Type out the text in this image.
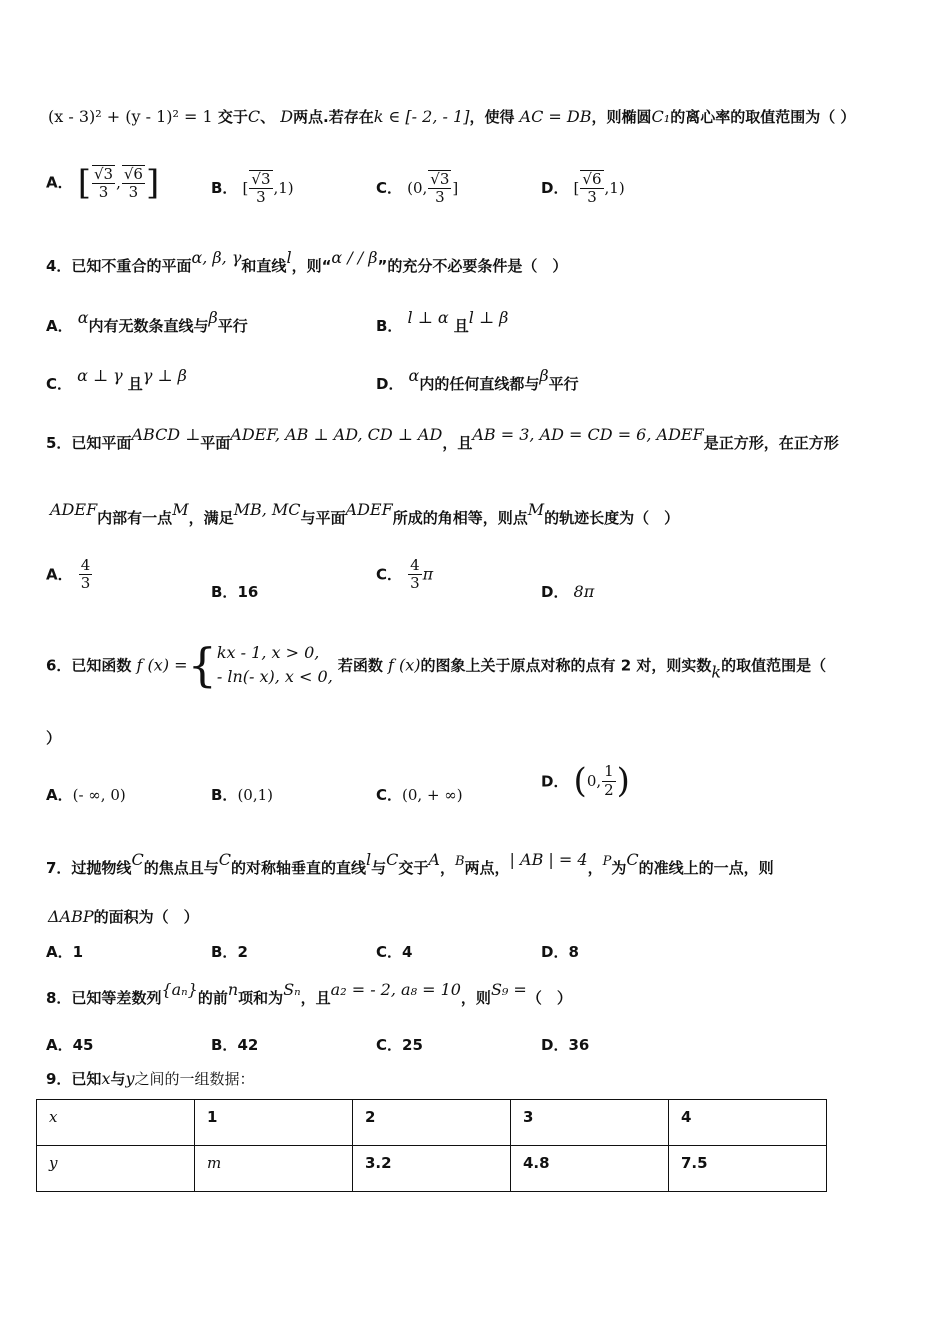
(x - 3)² + (y - 1)² = 1 交于C、 D两点.若存在k ∈ [- 2, - 1]，使得 AC = DB，则椭圆C₁的离心率的取值范围为（ ）
A． [ $\frac{√3}{3}$ , $\frac{√6}{3}$ ]	B． [ $\frac{√3}{3} ,1$)	C． (0, $\frac{√3}{3}$ ]	D． [ $\frac{√6}{3} ,1$)
4．已知不重合的平面α, β, γ和直线l，则“α / / β”的充分不必要条件是（　）
A． α内有无数条直线与β平行	B． l ⊥ α 且l ⊥ β
C． α ⊥ γ 且γ ⊥ β	D． α内的任何直线都与β平行
5．已知平面ABCD ⊥平面ADEF, AB ⊥ AD, CD ⊥ AD，且AB = 3, AD = CD = 6, ADEF是正方形，在正方形
ADEF内部有一点M，满足MB, MC与平面ADEF所成的角相等，则点M的轨迹长度为（　）
A． $\frac{4}{3}$	B．16
C． $\frac{4}{3}$ π
D． 8π
6．已知函数 f (x) ={ kx - 1, x > 0,
- ln(- x), x < 0,
若函数 f (x)的图象上关于原点对称的点有 2 对，则实数k的取值范围是（
）
A．(- ∞, 0)	B．(0,1)	C．(0, + ∞)
D． (0, $\frac{1}{2}$ )
7．过抛物线C的焦点且与C的对称轴垂直的直线l与C交于A，$^B$两点，| AB | = 4，$^P$为C的准线上的一点，则
ΔABP的面积为（　）
A．1	B．2	C．4	D．8
8．已知等差数列{aₙ}的前n项和为Sₙ，且a₂ = - 2, a₈ = 10，则S₉ =（　）
A．45	B．42	C．25	D．36
9．已知x与y之间的一组数据：
x	1	2	3	4
y	m	3.2	4.8	7.5
